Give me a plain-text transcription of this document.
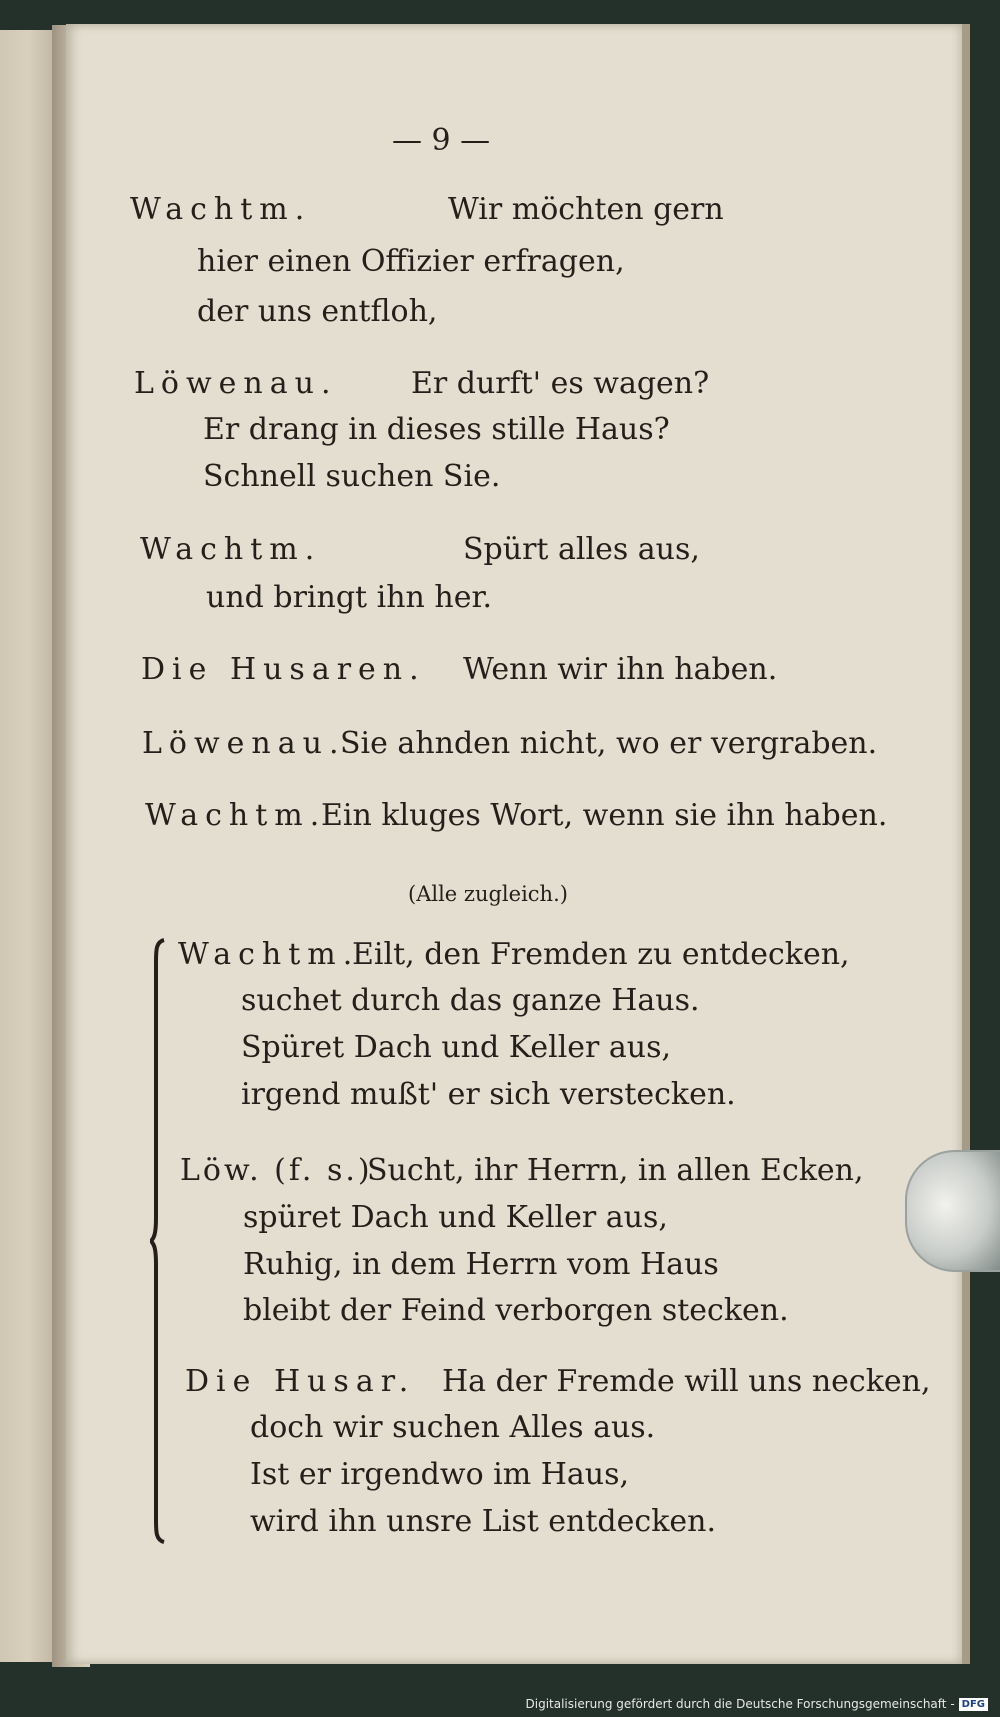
— 9 —
Wachtm.	Wir möchten gern
hier einen Offizier erfragen,
der uns entfloh,
Löwenau. Er durft' es wagen?
Er drang in dieses stille Haus?
Schnell suchen Sie.
Wachtm.	Spürt alles aus,
und bringt ihn her.
Die Husaren. Wenn wir ihn haben.
Löwenau.
Sie ahnden nicht, wo er vergraben.
Wachtm.
Ein kluges Wort, wenn sie ihn haben.
(Alle zugleich.)
Wachtm.
Eilt, den Fremden zu entdecken,
suchet durch das ganze Haus.
Spüret Dach und Keller aus,
irgend mußt' er sich verstecken.
Löw. (f. s.)
Sucht, ihr Herrn, in allen Ecken,
spüret Dach und Keller aus,
Ruhig, in dem Herrn vom Haus
bleibt der Feind verborgen stecken.
Die Husar. Ha der Fremde will uns necken,
doch wir suchen Alles aus.
Ist er irgendwo im Haus,
wird ihn unsre List entdecken.
Digitalisierung gefördert durch die Deutsche Forschungsgemeinschaft - DFG
